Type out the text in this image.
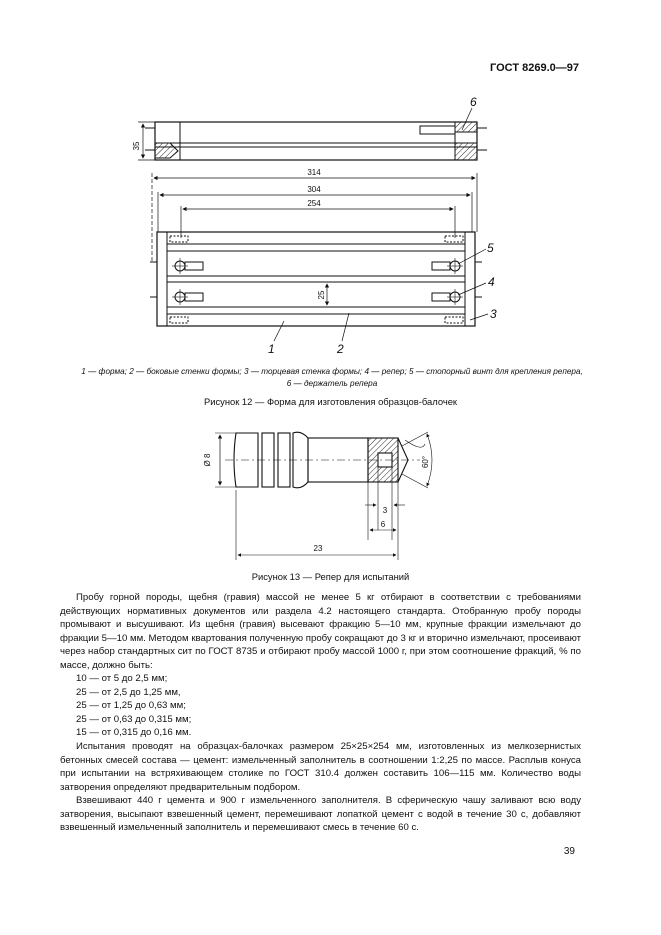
ГОСТ 8269.0—97
35
314
304
254
25
6
5
4
3
1	2
1 — форма; 2 — боковые стенки формы; 3 — торцевая стенка формы; 4 — репер; 5 — стопорный винт для крепления репера,
6 — держатель репера
Рисунок 12 — Форма для изготовления образцов-балочек
Ø 8	60°
3
6
23
Рисунок 13 — Репер для испытаний

Пробу горной породы, щебня (гравия) массой не менее 5 кг отбирают в соответствии с требованиями действующих нормативных документов или раздела 4.2 настоящего стандарта. Отобранную пробу породы промывают и высушивают. Из щебня (гравия) высевают фракцию 5—10 мм, крупные фракции измельчают до фракции 5—10 мм. Методом квартования полученную пробу сокращают до 3 кг и вторично измельчают, просеивают через набор стандартных сит по ГОСТ 8735 и отбирают пробу массой 1000 г, при этом соотношение фракций, % по массе, должно быть:

10 — от 5 до 2,5 мм;

25 — от 2,5 до 1,25 мм,

25 — от 1,25 до 0,63 мм;

25 — от 0,63 до 0,315 мм;

15 — от 0,315 до 0,16 мм.

Испытания проводят на образцах-балочках размером 25×25×254 мм, изготовленных из мелкозернистых бетонных смесей состава — цемент: измельченный заполнитель в соотношении 1:2,25 по массе. Расплыв конуса при испытании на встряхивающем столике по ГОСТ 310.4 должен составить 106—115 мм. Количество воды затворения определяют предварительным подбором.

Взвешивают 440 г цемента и 900 г измельченного заполнителя. В сферическую чашу заливают всю воду затворения, высыпают взвешенный цемент, перемешивают лопаткой цемент с водой в течение 30 с, добавляют взвешенный измельченный заполнитель и перемешивают смесь в течение 60 с.

39
